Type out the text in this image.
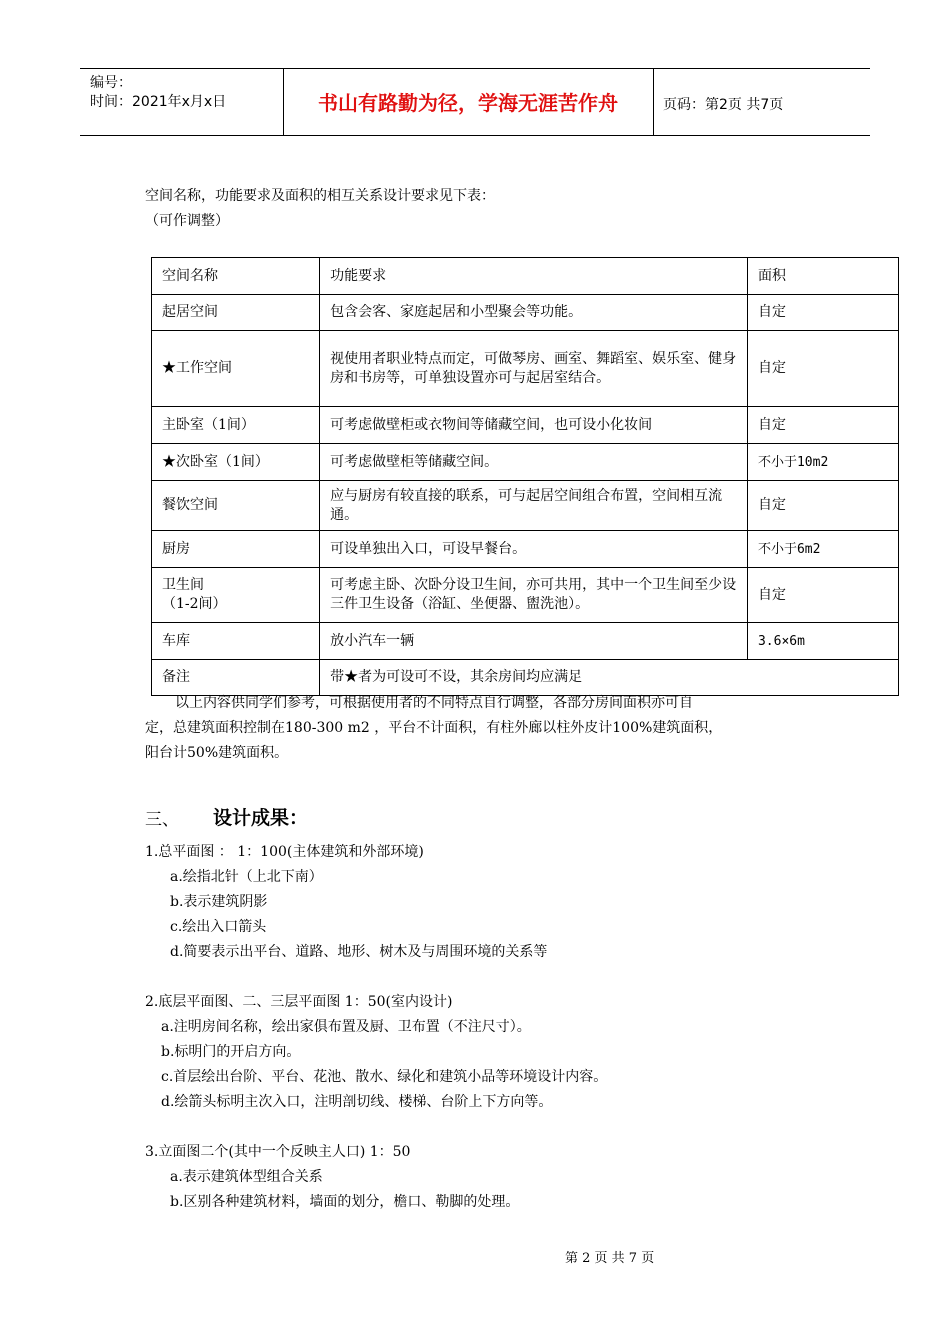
编号：
时间：2021年x月x日	书山有路勤为径，学海无涯苦作舟	页码：第2页 共7页
空间名称，功能要求及面积的相互关系设计要求见下表：
（可作调整）
空间名称	功能要求	面积
起居空间	包含会客、家庭起居和小型聚会等功能。	自定
★工作空间	视使用者职业特点而定，可做琴房、画室、舞蹈室、娱乐室、健身房和书房等，可单独设置亦可与起居室结合。	自定
主卧室（1间）	可考虑做壁柜或衣物间等储藏空间，也可设小化妆间	自定
★次卧室（1间）	可考虑做壁柜等储藏空间。	不小于10m2
餐饮空间	应与厨房有较直接的联系，可与起居空间组合布置，空间相互流通。	自定
厨房	可设单独出入口，可设早餐台。	不小于6m2

卫生间
（1-2间）	可考虑主卧、次卧分设卫生间，亦可共用，其中一个卫生间至少设三件卫生设备（浴缸、坐便器、盥洗池）。	自定
车库	放小汽车一辆	3.6×6m
备注	带★者为可设可不设，其余房间均应满足	
以上内容供同学们参考，可根据使用者的不同特点自行调整，各部分房间面积亦可自
定，总建筑面积控制在180-300 m2 ，平台不计面积，有柱外廊以柱外皮计100%建筑面积，
阳台计50%建筑面积。
三、 设计成果：
1.总平面图 ： 1：100(主体建筑和外部环境)
a.绘指北针（上北下南）
b.表示建筑阴影
c.绘出入口箭头
d.简要表示出平台、道路、地形、树木及与周围环境的关系等
2.底层平面图、二、三层平面图 1：50(室内设计)
a.注明房间名称，绘出家俱布置及厨、卫布置（不注尺寸）。
b.标明门的开启方向。
c.首层绘出台阶、平台、花池、散水、绿化和建筑小品等环境设计内容。
d.绘箭头标明主次入口，注明剖切线、楼梯、台阶上下方向等。
3.立面图二个(其中一个反映主人口) 1：50
a.表示建筑体型组合关系
b.区别各种建筑材料，墙面的划分，檐口、勒脚的处理。
第 2 页 共 7 页
